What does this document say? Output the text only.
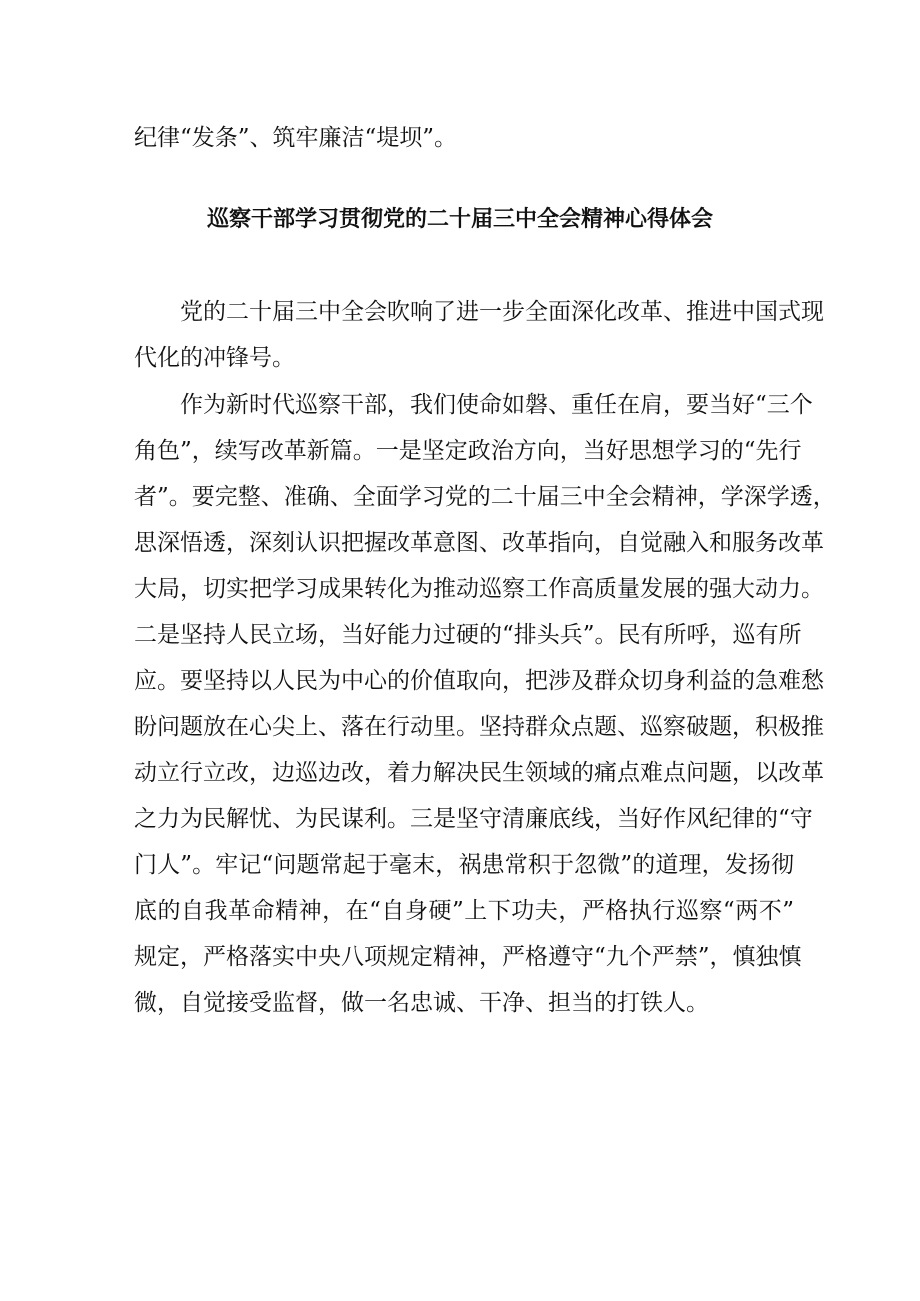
纪律“发条”、筑牢廉洁“堤坝”。
巡察干部学习贯彻党的二十届三中全会精神心得体会
党的二十届三中全会吹响了进一步全面深化改革、推进中国式现
代化的冲锋号。
作为新时代巡察干部，我们使命如磐、重任在肩，要当好“三个
角色”，续写改革新篇。一是坚定政治方向，当好思想学习的“先行
者”。要完整、准确、全面学习党的二十届三中全会精神，学深学透，
思深悟透，深刻认识把握改革意图、改革指向，自觉融入和服务改革
大局，切实把学习成果转化为推动巡察工作高质量发展的强大动力。
二是坚持人民立场，当好能力过硬的“排头兵”。民有所呼，巡有所
应。要坚持以人民为中心的价值取向，把涉及群众切身利益的急难愁
盼问题放在心尖上、落在行动里。坚持群众点题、巡察破题，积极推
动立行立改，边巡边改，着力解决民生领域的痛点难点问题，以改革
之力为民解忧、为民谋利。三是坚守清廉底线，当好作风纪律的“守
门人”。牢记“问题常起于毫末，祸患常积于忽微”的道理，发扬彻
底的自我革命精神，在“自身硬”上下功夫，严格执行巡察“两不”
规定，严格落实中央八项规定精神，严格遵守“九个严禁”，慎独慎
微，自觉接受监督，做一名忠诚、干净、担当的打铁人。
